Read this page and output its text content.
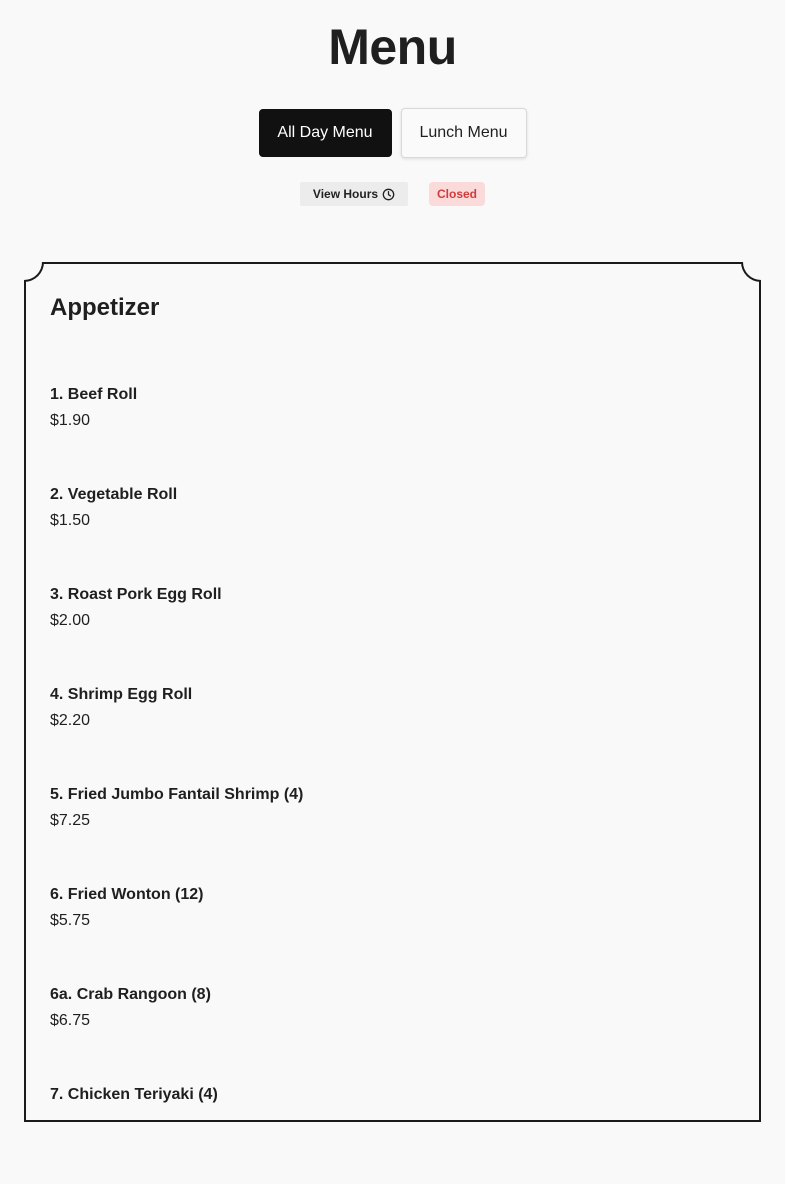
Menu
All Day Menu	Lunch Menu
View Hours	Closed
Appetizer
1. Beef Roll
$1.90
2. Vegetable Roll
$1.50
3. Roast Pork Egg Roll
$2.00
4. Shrimp Egg Roll
$2.20
5. Fried Jumbo Fantail Shrimp (4)
$7.25
6. Fried Wonton (12)
$5.75
6a. Crab Rangoon (8)
$6.75
7. Chicken Teriyaki (4)
